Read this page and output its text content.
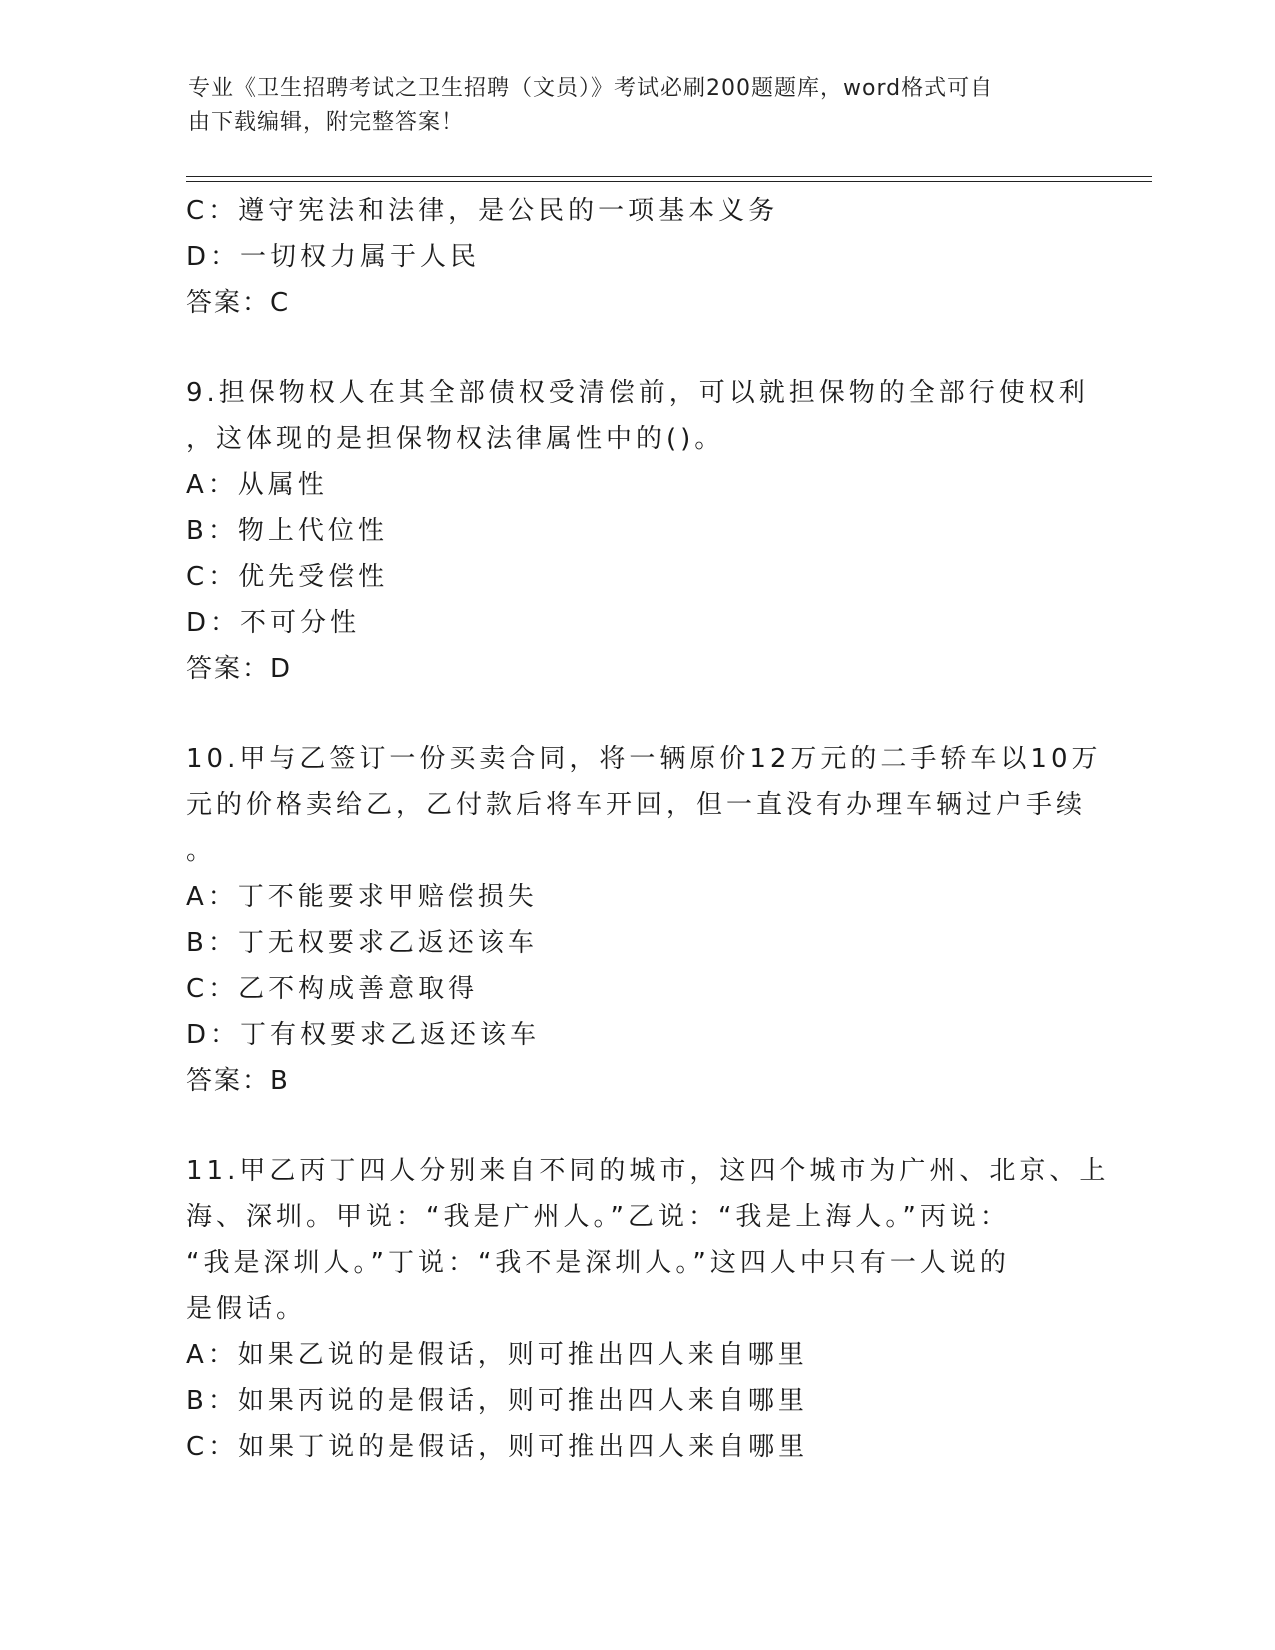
专业《卫生招聘考试之卫生招聘（文员）》考试必刷200题题库，word格式可自
由下载编辑，附完整答案！
C：遵守宪法和法律，是公民的一项基本义务
D：一切权力属于人民
答案：C
9.担保物权人在其全部债权受清偿前，可以就担保物的全部行使权利
，这体现的是担保物权法律属性中的()。
A：从属性
B：物上代位性
C：优先受偿性
D：不可分性
答案：D
10.甲与乙签订一份买卖合同，将一辆原价12万元的二手轿车以10万
元的价格卖给乙，乙付款后将车开回，但一直没有办理车辆过户手续
。
A：丁不能要求甲赔偿损失
B：丁无权要求乙返还该车
C：乙不构成善意取得
D：丁有权要求乙返还该车
答案：B
11.甲乙丙丁四人分别来自不同的城市，这四个城市为广州、北京、上
海、深圳。甲说：“我是广州人。”乙说：“我是上海人。”丙说：
“我是深圳人。”丁说：“我不是深圳人。”这四人中只有一人说的
是假话。
A：如果乙说的是假话，则可推出四人来自哪里
B：如果丙说的是假话，则可推出四人来自哪里
C：如果丁说的是假话，则可推出四人来自哪里
